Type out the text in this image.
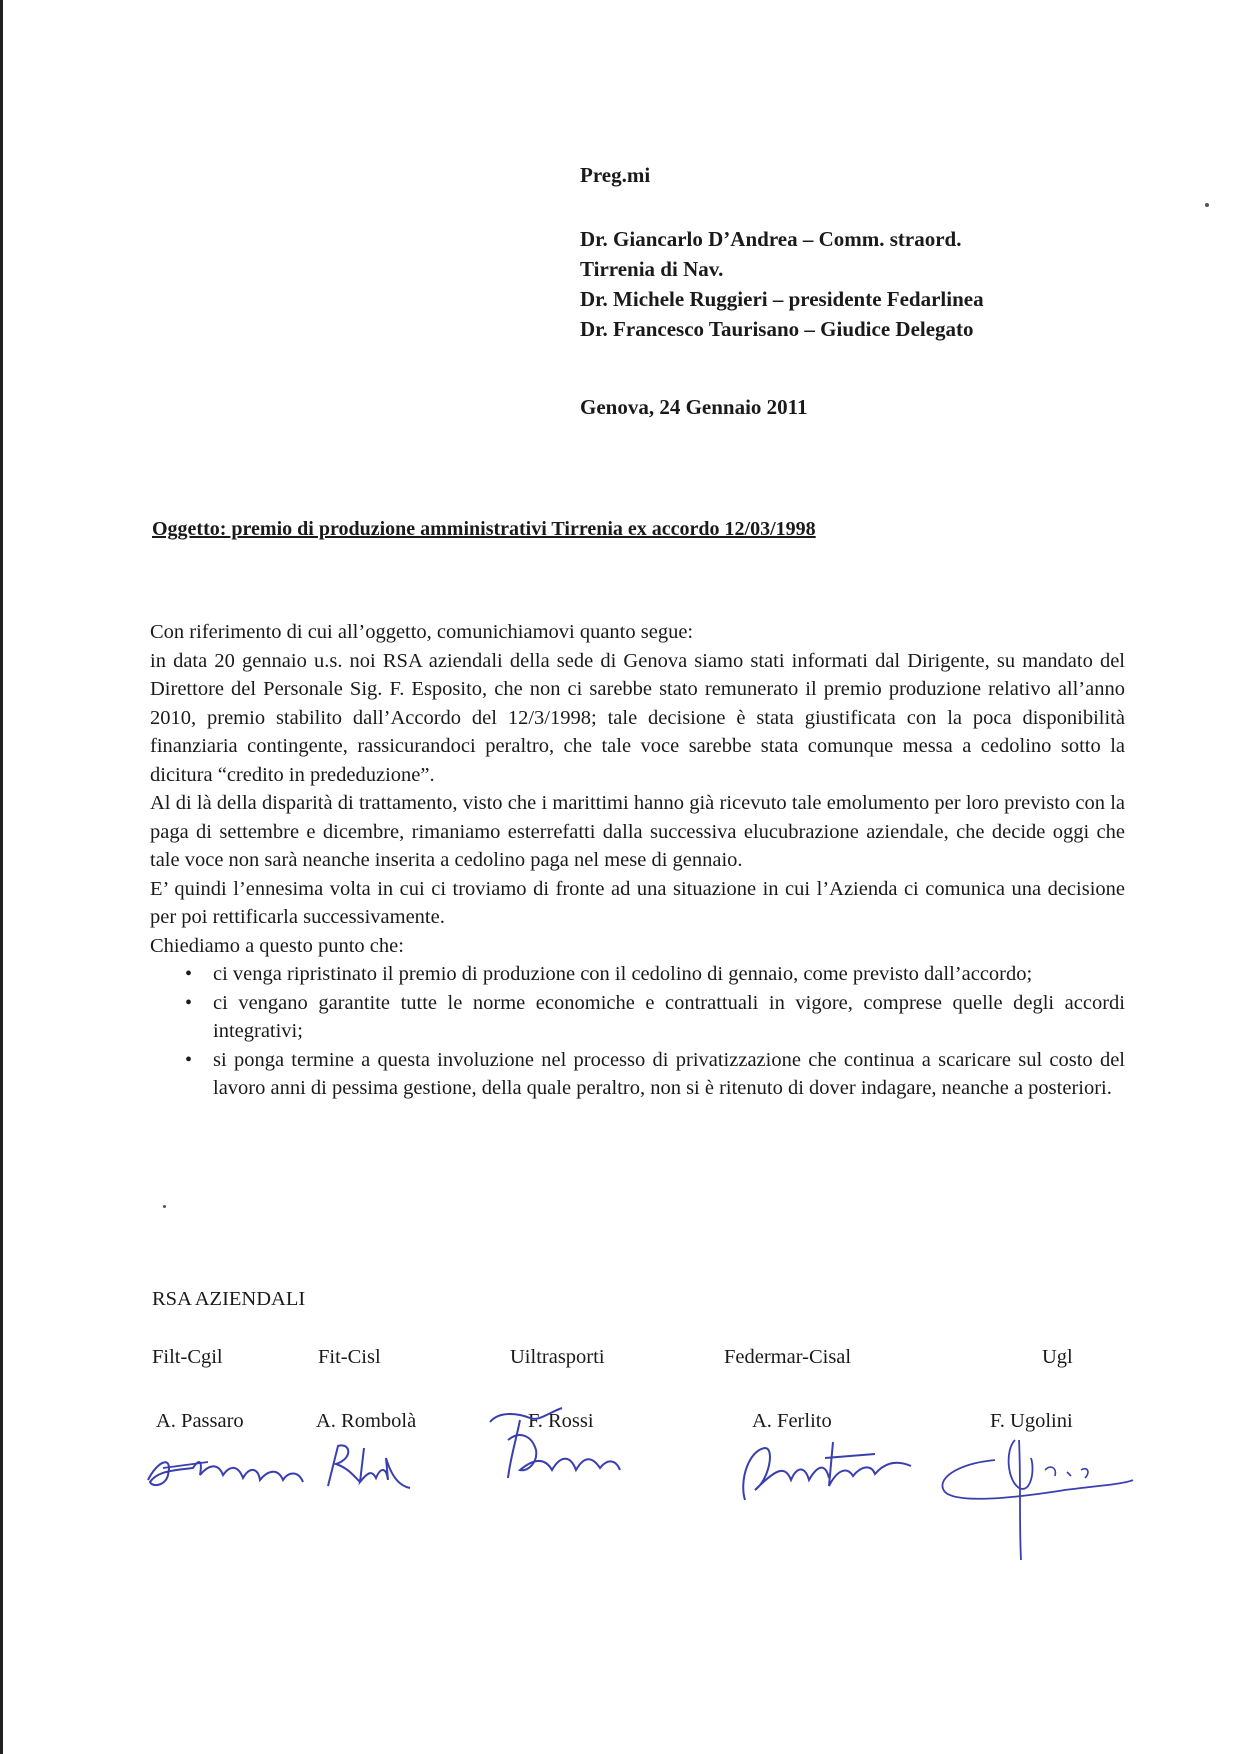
Preg.mi
Dr. Giancarlo D’Andrea – Comm. straord.
Tirrenia di Nav.
Dr. Michele Ruggieri – presidente Fedarlinea
Dr. Francesco Taurisano – Giudice Delegato
Genova, 24 Gennaio 2011
Oggetto: premio di produzione amministrativi Tirrenia ex accordo 12/03/1998

Con riferimento di cui all’oggetto, comunichiamovi quanto segue:

in data 20 gennaio u.s. noi RSA aziendali della sede di Genova siamo stati informati dal Dirigente, su mandato del Direttore del Personale Sig. F. Esposito, che non ci sarebbe stato remunerato il premio produzione relativo all’anno 2010, premio stabilito dall’Accordo del 12/3/1998; tale decisione è stata giustificata con la poca disponibilità finanziaria contingente, rassicurandoci peraltro, che tale voce sarebbe stata comunque messa a cedolino sotto la dicitura “credito in prededuzione”.

Al di là della disparità di trattamento, visto che i marittimi hanno già ricevuto tale emolumento per loro previsto con la paga di settembre e dicembre, rimaniamo esterrefatti dalla successiva elucubrazione aziendale, che decide oggi che tale voce non sarà neanche inserita a cedolino paga nel mese di gennaio.

E’ quindi l’ennesima volta in cui ci troviamo di fronte ad una situazione in cui l’Azienda ci comunica una decisione per poi rettificarla successivamente.

Chiediamo a questo punto che:

• ci venga ripristinato il premio di produzione con il cedolino di gennaio, come previsto dall’accordo;
• ci vengano garantite tutte le norme economiche e contrattuali in vigore, comprese quelle degli accordi integrativi;
• si ponga termine a questa involuzione nel processo di privatizzazione che continua a scaricare sul costo del lavoro anni di pessima gestione, della quale peraltro, non si è ritenuto di dover indagare, neanche a posteriori.
RSA AZIENDALI
Filt-Cgil	Fit-Cisl	Uiltrasporti	Federmar-Cisal	Ugl
A. Passaro	A. Rombolà	F. Rossi	A. Ferlito	F. Ugolini
